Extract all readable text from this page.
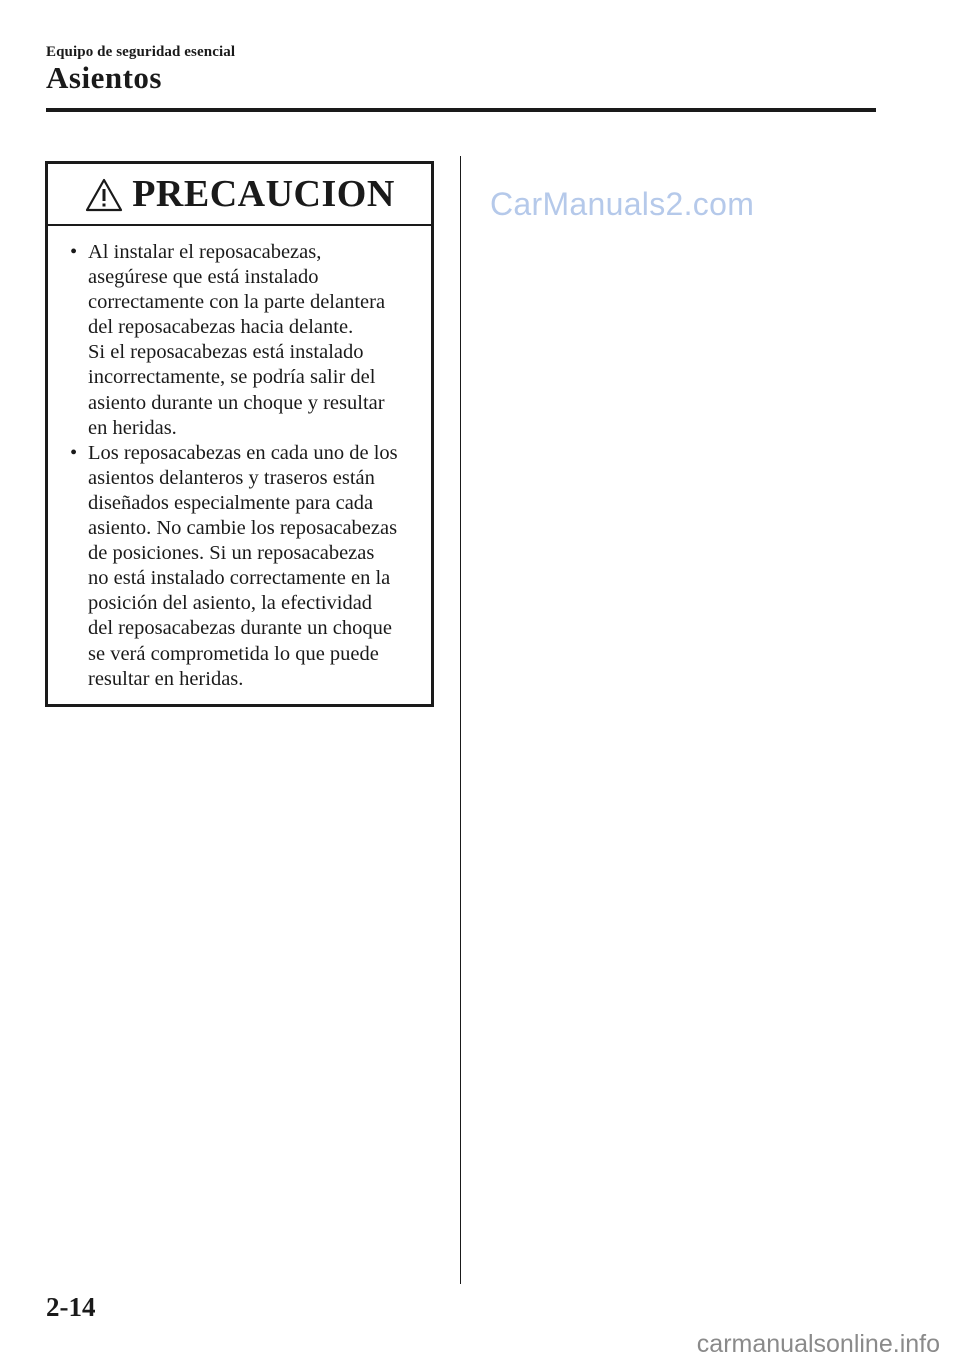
Equipo de seguridad esencial
Asientos
PRECAUCION
• Al instalar el reposacabezas,
asegúrese que está instalado
correctamente con la parte delantera
del reposacabezas hacia delante.
Si el reposacabezas está instalado
incorrectamente, se podría salir del
asiento durante un choque y resultar
en heridas.
• Los reposacabezas en cada uno de los
asientos delanteros y traseros están
diseñados especialmente para cada
asiento. No cambie los reposacabezas
de posiciones. Si un reposacabezas
no está instalado correctamente en la
posición del asiento, la efectividad
del reposacabezas durante un choque
se verá comprometida lo que puede
resultar en heridas.
CarManuals2.com
2-14
carmanualsonline.info
